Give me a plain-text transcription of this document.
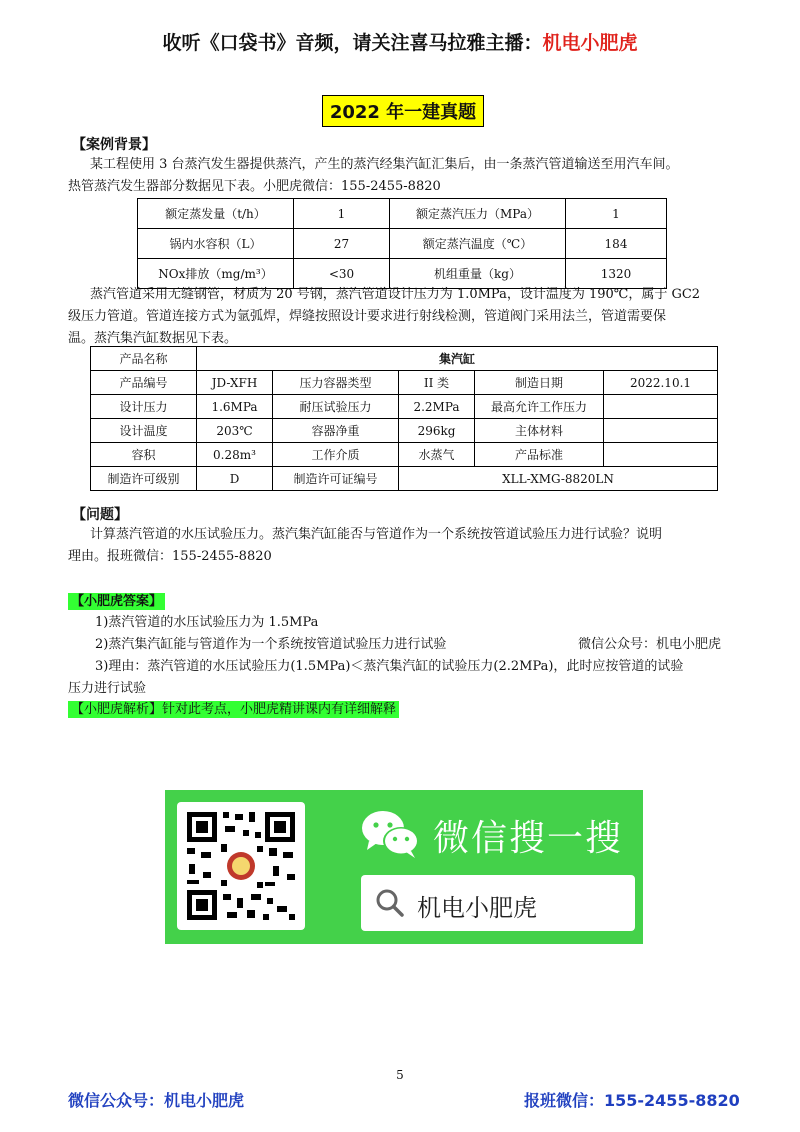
收听《口袋书》音频，请关注喜马拉雅主播：机电小肥虎
2022 年一建真题
【案例背景】
某工程使用 3 台蒸汽发生器提供蒸汽，产生的蒸汽经集汽缸汇集后，由一条蒸汽管道输送至用汽车间。
热管蒸汽发生器部分数据见下表。小肥虎微信：155-2455-8820
额定蒸发量（t/h）	1	额定蒸汽压力（MPa）	1
锅内水容积（L）	27	额定蒸汽温度（℃）	184
NOx排放（mg/m³）	<30	机组重量（kg）	1320
蒸汽管道采用无缝钢管，材质为 20 号钢，蒸汽管道设计压力为 1.0MPa，设计温度为 190℃，属于 GC2
级压力管道。管道连接方式为氩弧焊，焊缝按照设计要求进行射线检测，管道阀门采用法兰，管道需要保
温。蒸汽集汽缸数据见下表。
产品名称	集汽缸				
产品编号	JD-XFH	压力容器类型	II 类	制造日期	2022.10.1
设计压力	1.6MPa	耐压试验压力	2.2MPa	最高允许工作压力	
设计温度	203℃	容器净重	296kg	主体材料	
容积	0.28m³	工作介质	水蒸气	产品标准	
制造许可级别	D	制造许可证编号	XLL-XMG-8820LN		
【问题】
计算蒸汽管道的水压试验压力。蒸汽集汽缸能否与管道作为一个系统按管道试验压力进行试验？说明
理由。报班微信：155-2455-8820
【小肥虎答案】
1)蒸汽管道的水压试验压力为 1.5MPa
2)蒸汽集汽缸能与管道作为一个系统按管道试验压力进行试验	微信公众号：机电小肥虎
3)理由：蒸汽管道的水压试验压力(1.5MPa)＜蒸汽集汽缸的试验压力(2.2MPa)，此时应按管道的试验
压力进行试验
【小肥虎解析】针对此考点，小肥虎精讲课内有详细解释
微信搜一搜
机电小肥虎
5
微信公众号：机电小肥虎	报班微信：155-2455-8820
